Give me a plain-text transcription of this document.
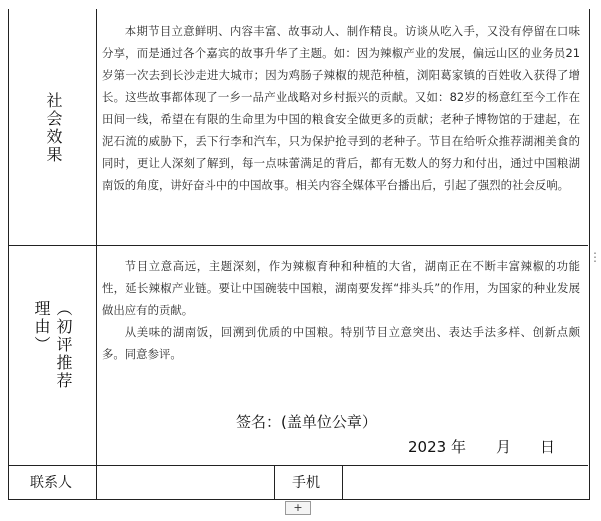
社会效果

本期节目立意鲜明、内容丰富、故事动人、制作精良。访谈从吃入手，又没有停留在口味分享，而是通过各个嘉宾的故事升华了主题。如：因为辣椒产业的发展，偏远山区的业务员21岁第一次去到长沙走进大城市；因为鸡肠子辣椒的规范种植，浏阳葛家镇的百姓收入获得了增长。这些故事都体现了一乡一品产业战略对乡村振兴的贡献。又如：82岁的杨意红至今工作在田间一线，希望在有限的生命里为中国的粮食安全做更多的贡献；老种子博物馆的于建起，在泥石流的威胁下，丢下行李和汽车，只为保护抢寻到的老种子。节目在给听众推荐湖湘美食的同时，更让人深刻了解到，每一点味蕾满足的背后，都有无数人的努力和付出，通过中国粮湖南饭的角度，讲好奋斗中的中国故事。相关内容全媒体平台播出后，引起了强烈的社会反响。

（初评推荐理由）

节目立意高远，主题深刻，作为辣椒育种和种植的大省，湖南正在不断丰富辣椒的功能性，延长辣椒产业链。要让中国碗装中国粮，湖南要发挥“排头兵”的作用，为国家的种业发展做出应有的贡献。

从美味的湖南饭，回溯到优质的中国粮。特别节目立意突出、表达手法多样、创新点颇多。同意参评。

签名：(盖单位公章）
2023 年 月 日
联系人	手机
+
⋮
